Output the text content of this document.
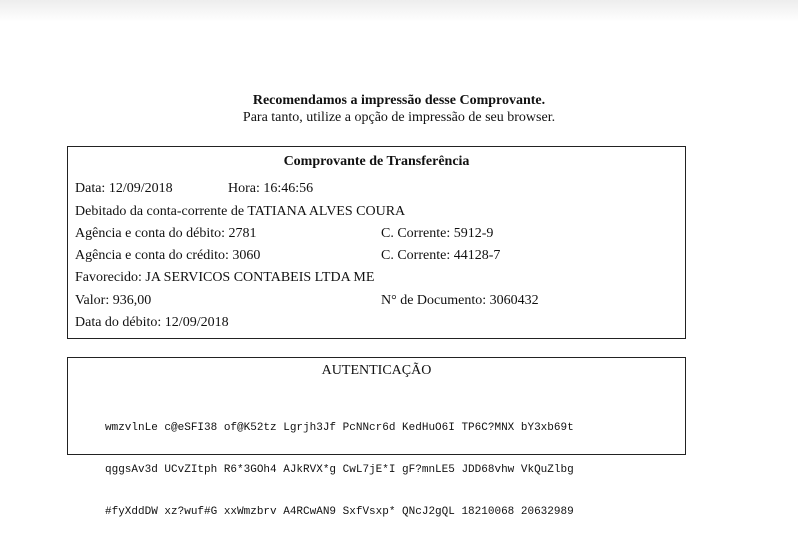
Recomendamos a impressão desse Comprovante.
Para tanto, utilize a opção de impressão de seu browser.
Comprovante de Transferência
Data: 12/09/2018	Hora: 16:46:56
Debitado da conta-corrente de TATIANA ALVES COURA
Agência e conta do débito: 2781	C. Corrente: 5912-9
Agência e conta do crédito: 3060	C. Corrente: 44128-7
Favorecido: JA SERVICOS CONTABEIS LTDA ME
Valor: 936,00	N° de Documento: 3060432
Data do débito: 12/09/2018
AUTENTICAÇÃO

wmzvlnLe c@eSFI38 of@K52tz Lgrjh3Jf PcNNcr6d KedHuO6I TP6C?MNX bY3xb69t

qggsAv3d UCvZItph R6*3GOh4 AJkRVX*g CwL7jE*I gF?mnLE5 JDD68vhw VkQuZlbg

#fyXddDW xz?wuf#G xxWmzbrv A4RCwAN9 SxfVsxp* QNcJ2gQL 18210068 20632989
